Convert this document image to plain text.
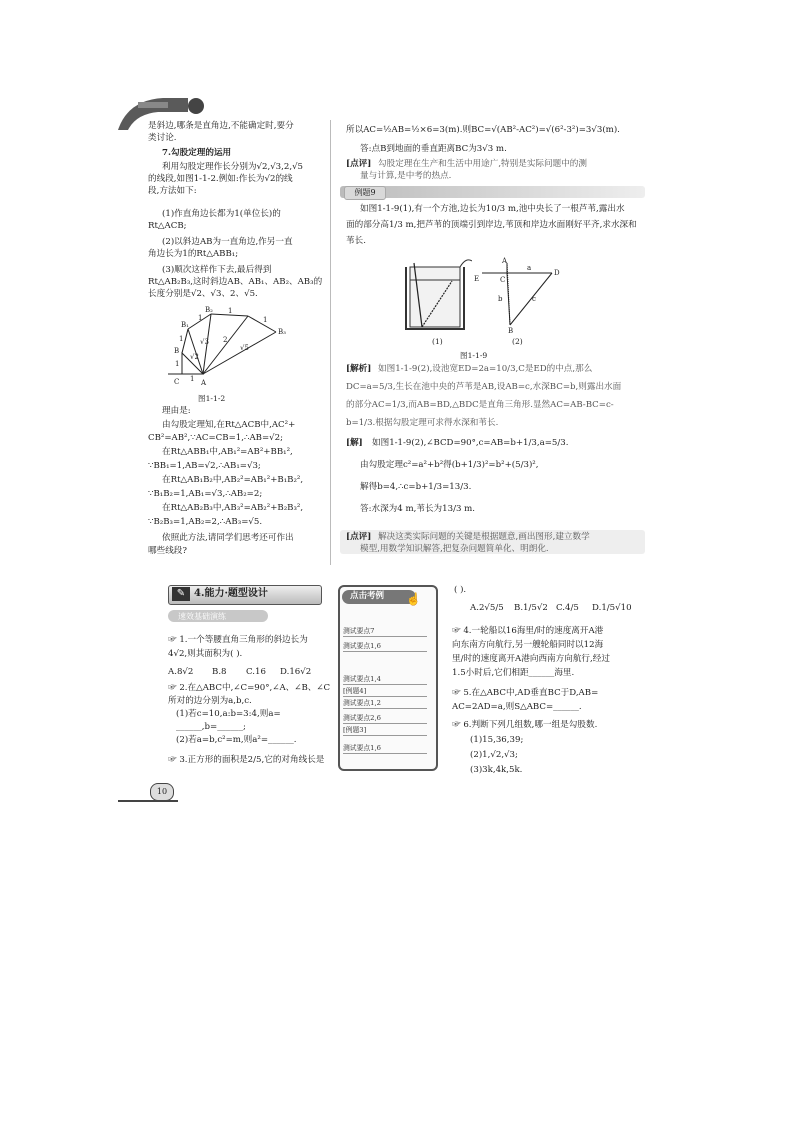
是斜边,哪条是直角边,不能确定时,要分
类讨论.
7.勾股定理的运用
利用勾股定理作长分别为√2,√3,2,√5
的线段,如图1-1-2.例如:作长为√2的线
段,方法如下:
(1)作直角边长都为1(单位长)的
Rt△ACB;
(2)以斜边AB为一直角边,作另一直
角边长为1的Rt△ABB₁;
(3)顺次这样作下去,最后得到
Rt△AB₂B₃,这时斜边AB、AB₁、AB₂、AB₃的
长度分别是√2、√3、2、√5.
C	A
B
B₁
B₂
B₃
1
1
1
1
1
1
√2
√3 2
√5
图1-1-2
理由是:
由勾股定理知,在Rt△ACB中,AC²+
CB²=AB²,∵AC=CB=1,∴AB=√2;
在Rt△ABB₁中,AB₁²=AB²+BB₁²,
∵BB₁=1,AB=√2,∴AB₁=√3;
在Rt△AB₁B₂中,AB₂²=AB₁²+B₁B₂²,
∵B₁B₂=1,AB₁=√3,∴AB₂=2;
在Rt△AB₂B₃中,AB₃²=AB₂²+B₂B₃²,
∵B₂B₃=1,AB₂=2,∴AB₃=√5.
依照此方法,请同学们思考还可作出
哪些线段?
所以AC=½AB=½×6=3(m).则BC=√(AB²-AC²)=√(6²-3²)=3√3(m).
答:点B到地面的垂直距离BC为3√3 m.
[点评] 勾股定理在生产和生活中用途广,特别是实际问题中的测
量与计算,是中考的热点.
例题9
如图1-1-9(1),有一个方池,边长为10/3 m,池中央长了一根芦苇,露出水
面的部分高1/3 m,把芦苇的顶端引到岸边,苇顶和岸边水面刚好平齐,求水深和
苇长.
A
a
D
E	C
B
b	c
(1)	(2)
图1-1-9
[解析] 如图1-1-9(2),设池宽ED=2a=10/3,C是ED的中点,那么
DC=a=5/3,生长在池中央的芦苇是AB,设AB=c,水深BC=b,则露出水面
的部分AC=1/3,而AB=BD,△BDC是直角三角形.显然AC=AB-BC=c-
b=1/3.根据勾股定理可求得水深和苇长.
[解] 如图1-1-9(2),∠BCD=90°,c=AB=b+1/3,a=5/3.
由勾股定理c²=a²+b²得(b+1/3)²=b²+(5/3)²,
解得b=4,∴c=b+1/3=13/3.
答:水深为4 m,苇长为13/3 m.
[点评] 解决这类实际问题的关键是根据题意,画出图形,建立数学
模型,用数学知识解答,把复杂问题简单化、明朗化.
✎ 4.能力·题型设计
速效基础演练
☞ 1.一个等腰直角三角形的斜边长为
4√2,则其面积为( ).
A.8√2 B.8 C.16 D.16√2
☞ 2.在△ABC中,∠C=90°,∠A、∠B、∠C
所对的边分别为a,b,c.
(1)若c=10,a:b=3:4,则a=
______,b=______;
(2)若a=b,c²=m,则a²=______.
☞ 3.正方形的面积是2/5,它的对角线长是
点击考例 ☝
测试要点7
测试要点1,6
测试要点1,4
[例题4]
测试要点1,2
测试要点2,6
[例题3]
测试要点1,6
( ).
A.2√5/5 B.1/5√2 C.4/5 D.1/5√10
☞ 4.一轮船以16海里/时的速度离开A港
向东南方向航行,另一艘轮船同时以12海
里/时的速度离开A港向西南方向航行,经过
1.5小时后,它们相距______海里.
☞ 5.在△ABC中,AD垂直BC于D,AB=
AC=2AD=a,则S△ABC=______.
☞ 6.判断下列几组数,哪一组是勾股数.
(1)15,36,39;
(2)1,√2,√3;
(3)3k,4k,5k.
10
